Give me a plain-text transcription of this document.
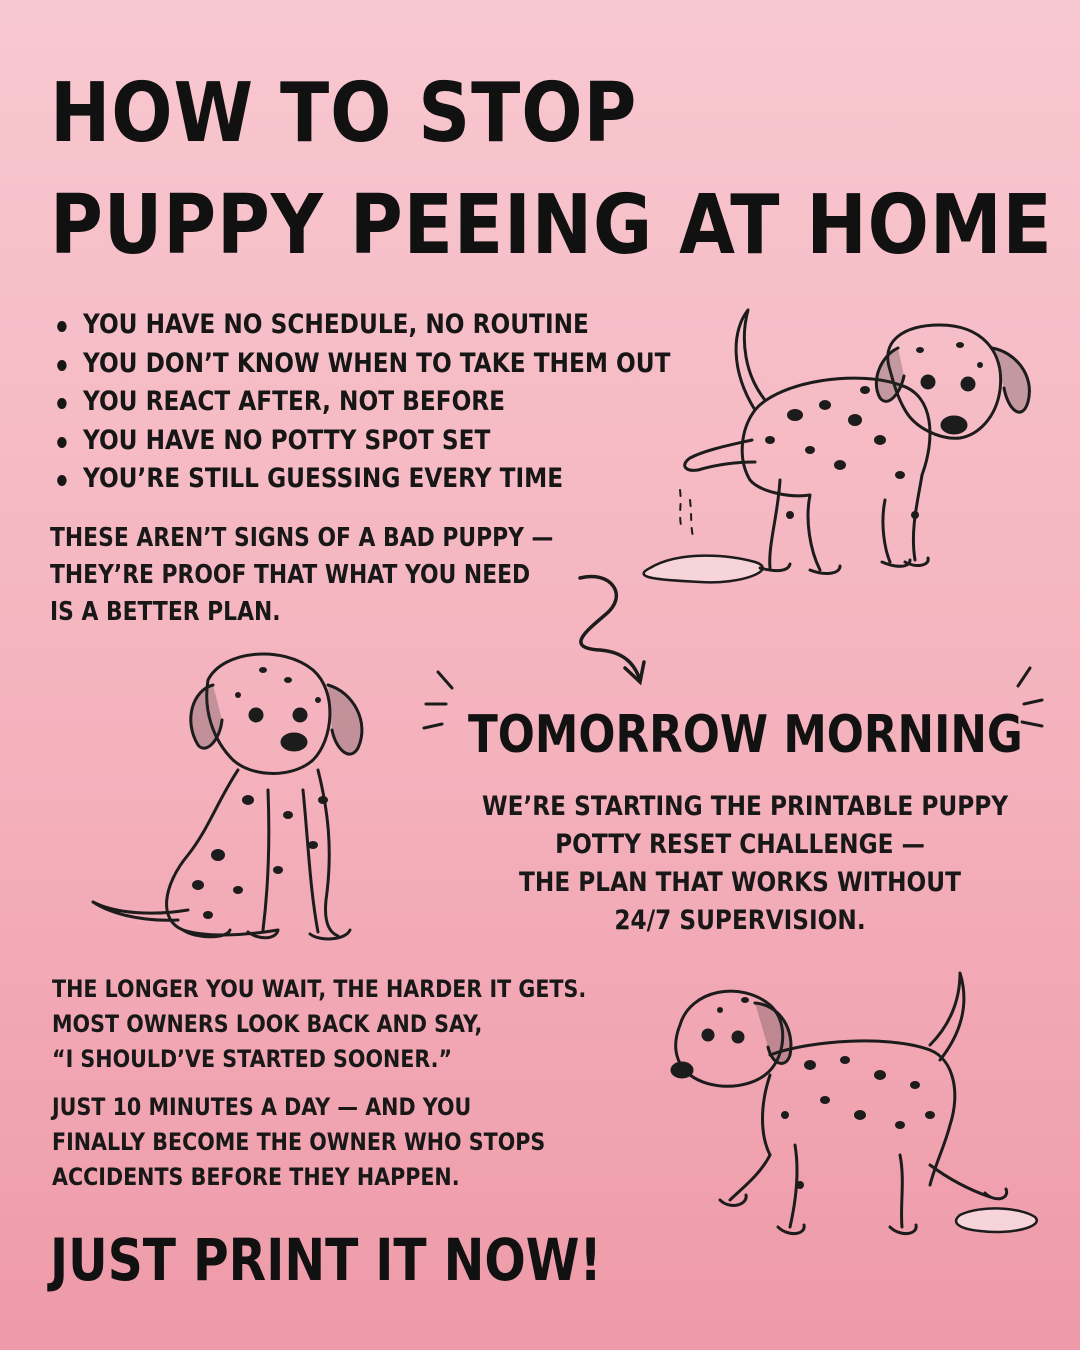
HOW TO STOP
PUPPY PEEING AT HOME
YOU HAVE NO SCHEDULE, NO ROUTINE
YOU DON’T KNOW WHEN TO TAKE THEM OUT
YOU REACT AFTER, NOT BEFORE
YOU HAVE NO POTTY SPOT SET
YOU’RE STILL GUESSING EVERY TIME

THESE AREN’T SIGNS OF A BAD PUPPY —
THEY’RE PROOF THAT WHAT YOU NEED
IS A BETTER PLAN.

TOMORROW MORNING

WE’RE STARTING THE PRINTABLE PUPPY
POTTY RESET CHALLENGE —
THE PLAN THAT WORKS WITHOUT
24/7 SUPERVISION.

THE LONGER YOU WAIT, THE HARDER IT GETS.
MOST OWNERS LOOK BACK AND SAY,
“I SHOULD’VE STARTED SOONER.”

JUST 10 MINUTES A DAY — AND YOU
FINALLY BECOME THE OWNER WHO STOPS
ACCIDENTS BEFORE THEY HAPPEN.

JUST PRINT IT NOW!
